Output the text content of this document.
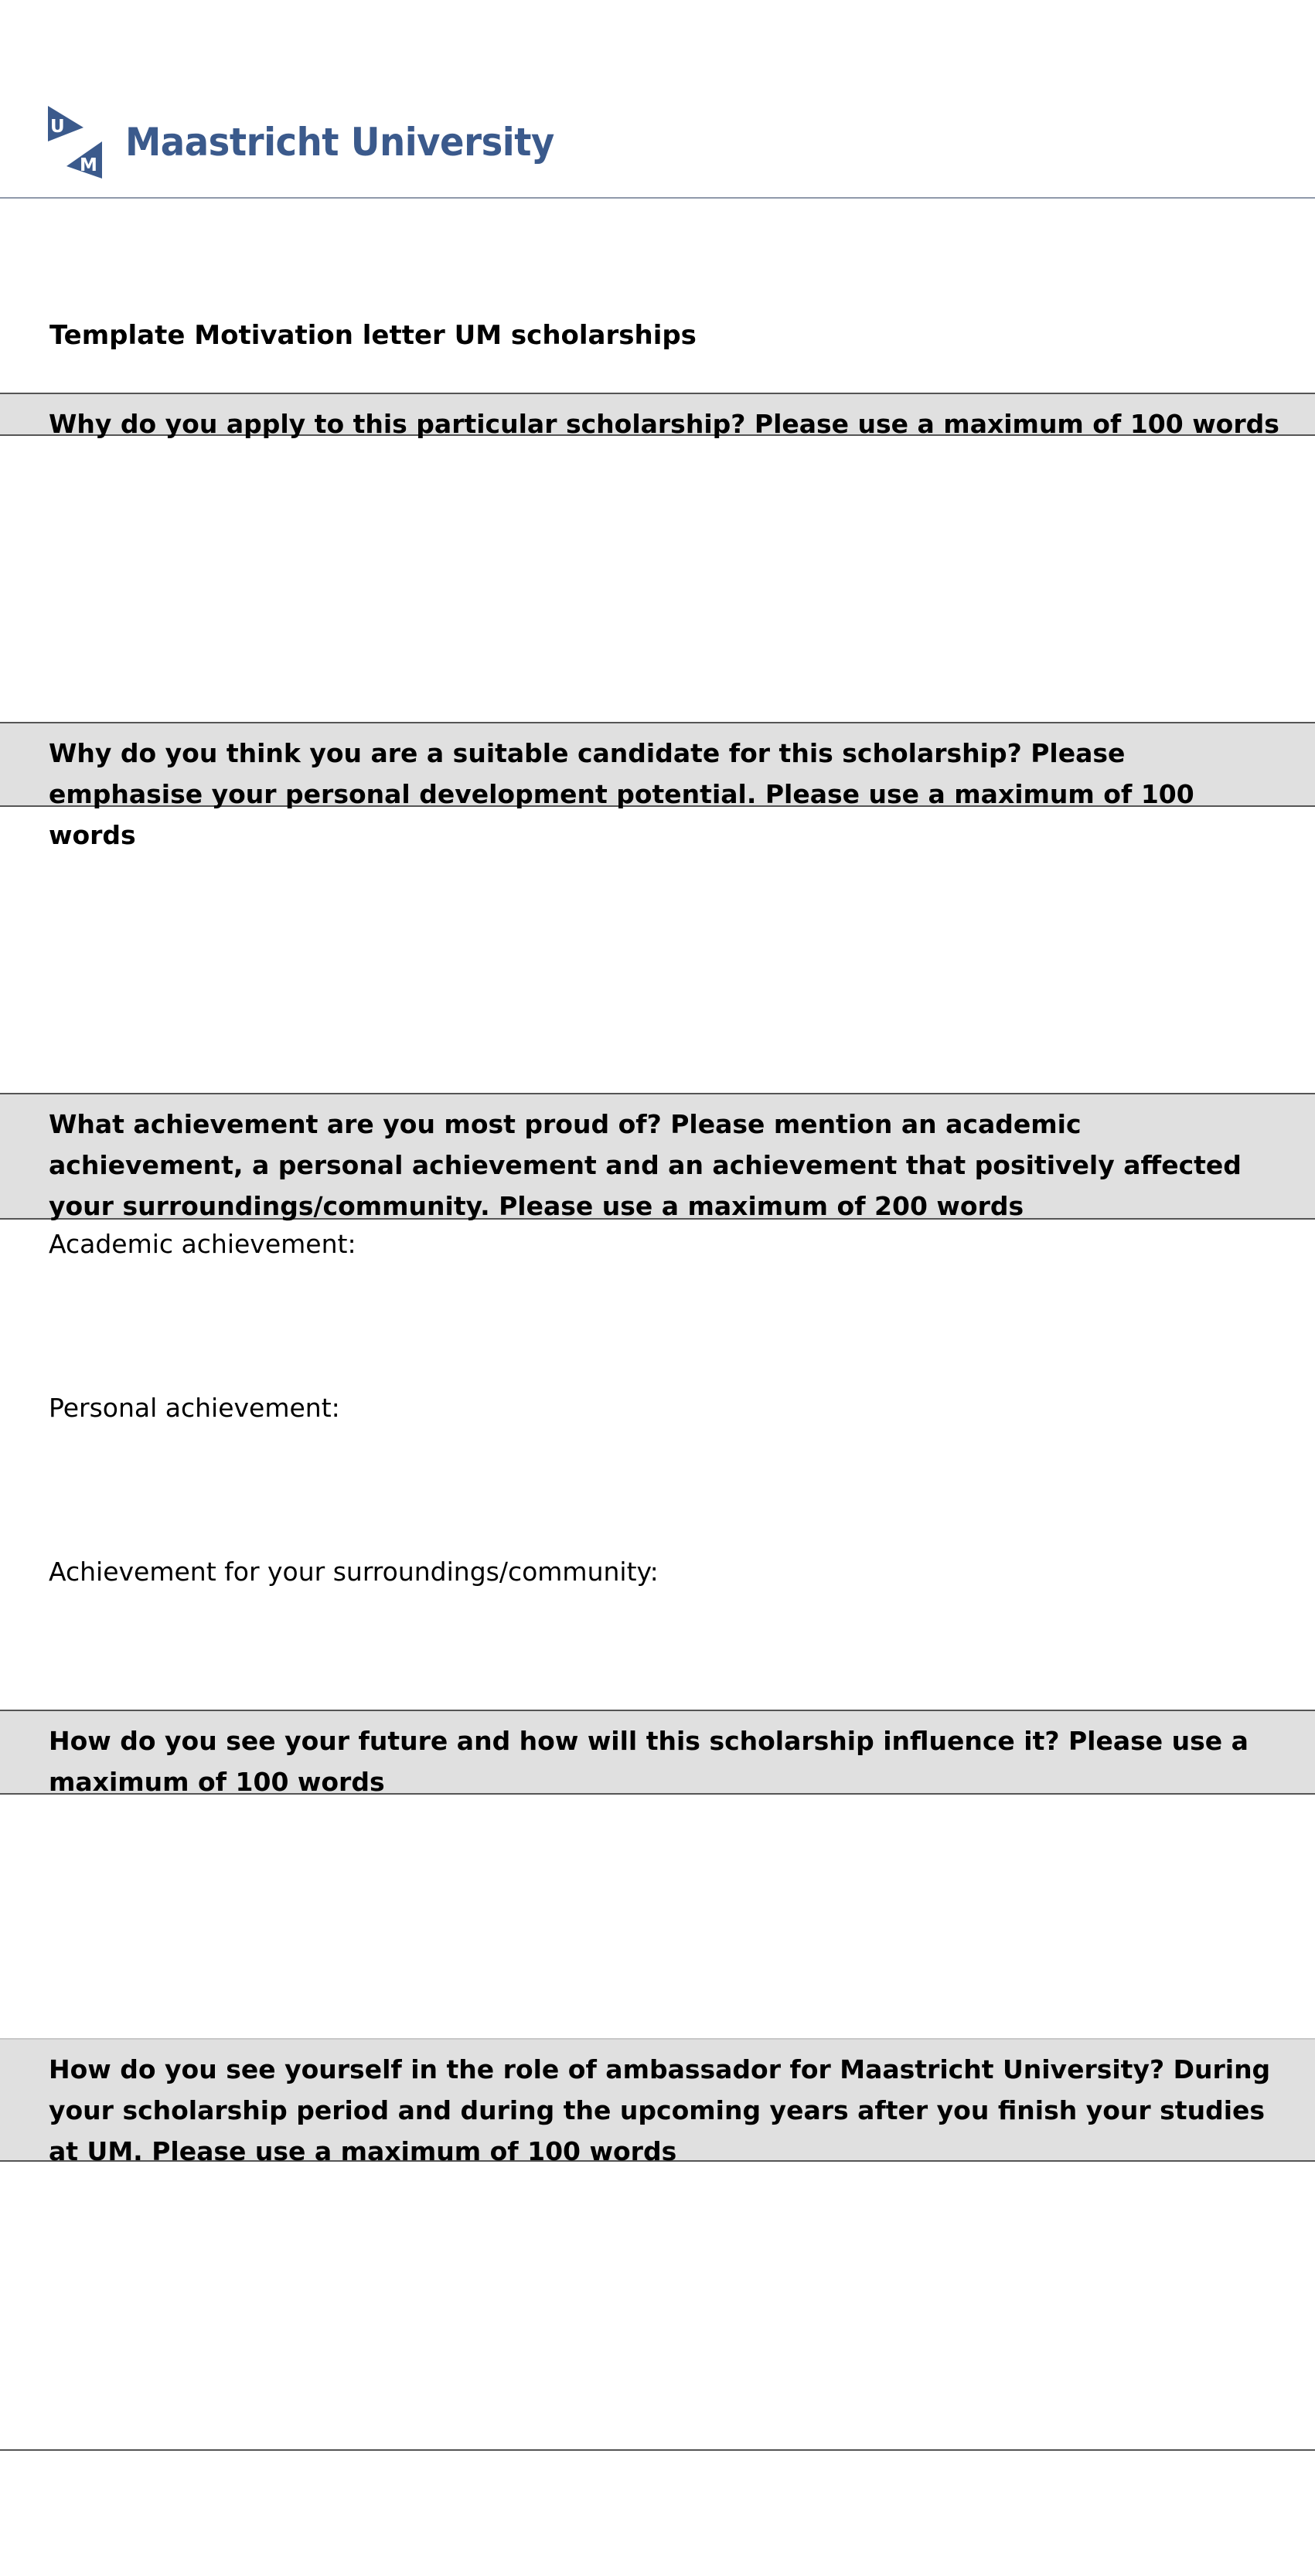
U
M
Maastricht University
Template Motivation letter UM scholarships
Why do you apply to this particular scholarship? Please use a maximum of 100 words
Why do you think you are a suitable candidate for this scholarship? Please emphasise your personal development potential. Please use a maximum of 100 words
What achievement are you most proud of? Please mention an academic achievement, a personal achievement and an achievement that positively affected your surroundings/community. Please use a maximum of 200 words
Academic achievement:
Personal achievement:
Achievement for your surroundings/community:
How do you see your future and how will this scholarship influence it? Please use a maximum of 100 words
How do you see yourself in the role of ambassador for Maastricht University? During your scholarship period and during the upcoming years after you finish your studies at UM. Please use a maximum of 100 words
